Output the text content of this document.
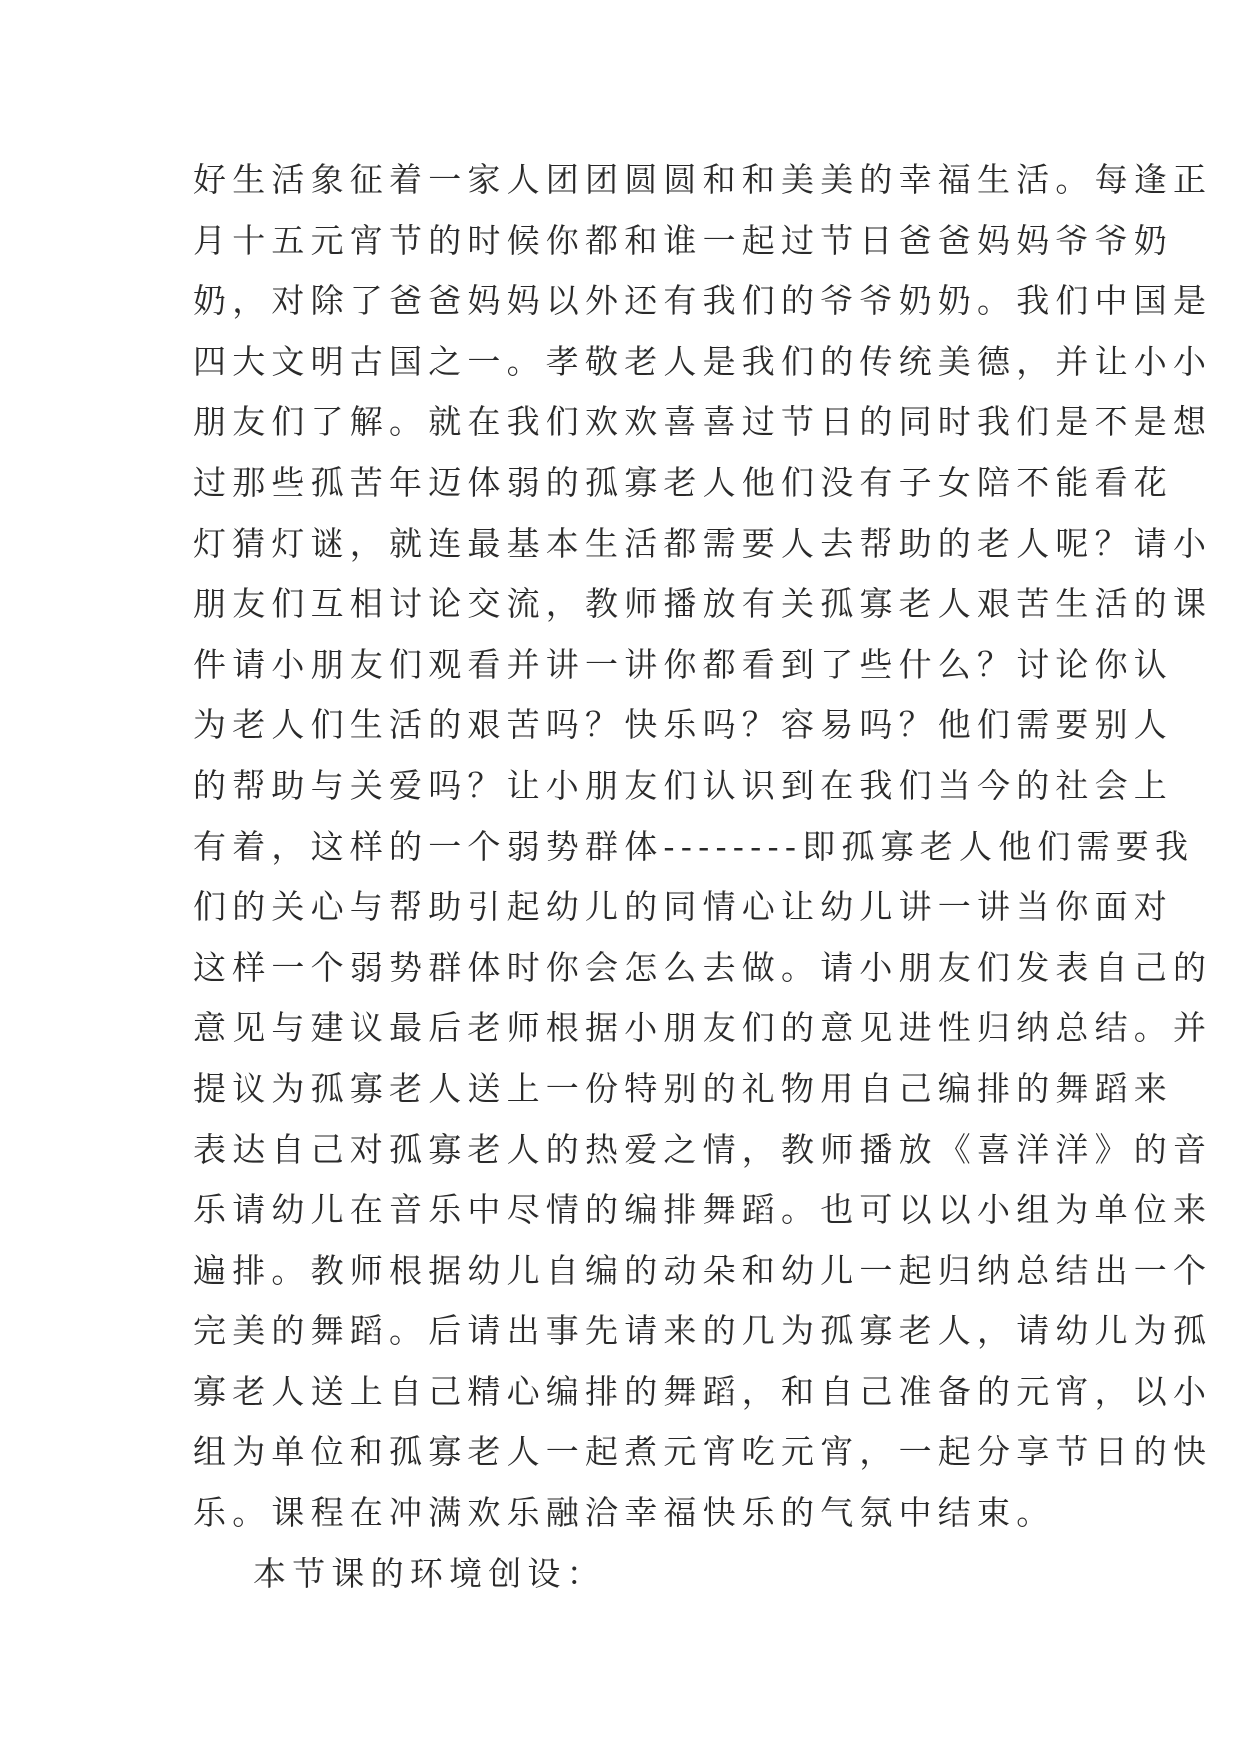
好生活象征着一家人团团圆圆和和美美的幸福生活。每逢正
月十五元宵节的时候你都和谁一起过节日爸爸妈妈爷爷奶
奶，对除了爸爸妈妈以外还有我们的爷爷奶奶。我们中国是
四大文明古国之一。孝敬老人是我们的传统美德，并让小小
朋友们了解。就在我们欢欢喜喜过节日的同时我们是不是想
过那些孤苦年迈体弱的孤寡老人他们没有子女陪不能看花
灯猜灯谜，就连最基本生活都需要人去帮助的老人呢？请小
朋友们互相讨论交流，教师播放有关孤寡老人艰苦生活的课
件请小朋友们观看并讲一讲你都看到了些什么？讨论你认
为老人们生活的艰苦吗？快乐吗？容易吗？他们需要别人
的帮助与关爱吗？让小朋友们认识到在我们当今的社会上
有着，这样的一个弱势群体--------即孤寡老人他们需要我
们的关心与帮助引起幼儿的同情心让幼儿讲一讲当你面对
这样一个弱势群体时你会怎么去做。请小朋友们发表自己的
意见与建议最后老师根据小朋友们的意见进性归纳总结。并
提议为孤寡老人送上一份特别的礼物用自己编排的舞蹈来
表达自己对孤寡老人的热爱之情，教师播放《喜洋洋》的音
乐请幼儿在音乐中尽情的编排舞蹈。也可以以小组为单位来
遍排。教师根据幼儿自编的动朵和幼儿一起归纳总结出一个
完美的舞蹈。后请出事先请来的几为孤寡老人，请幼儿为孤
寡老人送上自己精心编排的舞蹈，和自己准备的元宵，以小
组为单位和孤寡老人一起煮元宵吃元宵，一起分享节日的快
乐。课程在冲满欢乐融洽幸福快乐的气氛中结束。
本节课的环境创设：
